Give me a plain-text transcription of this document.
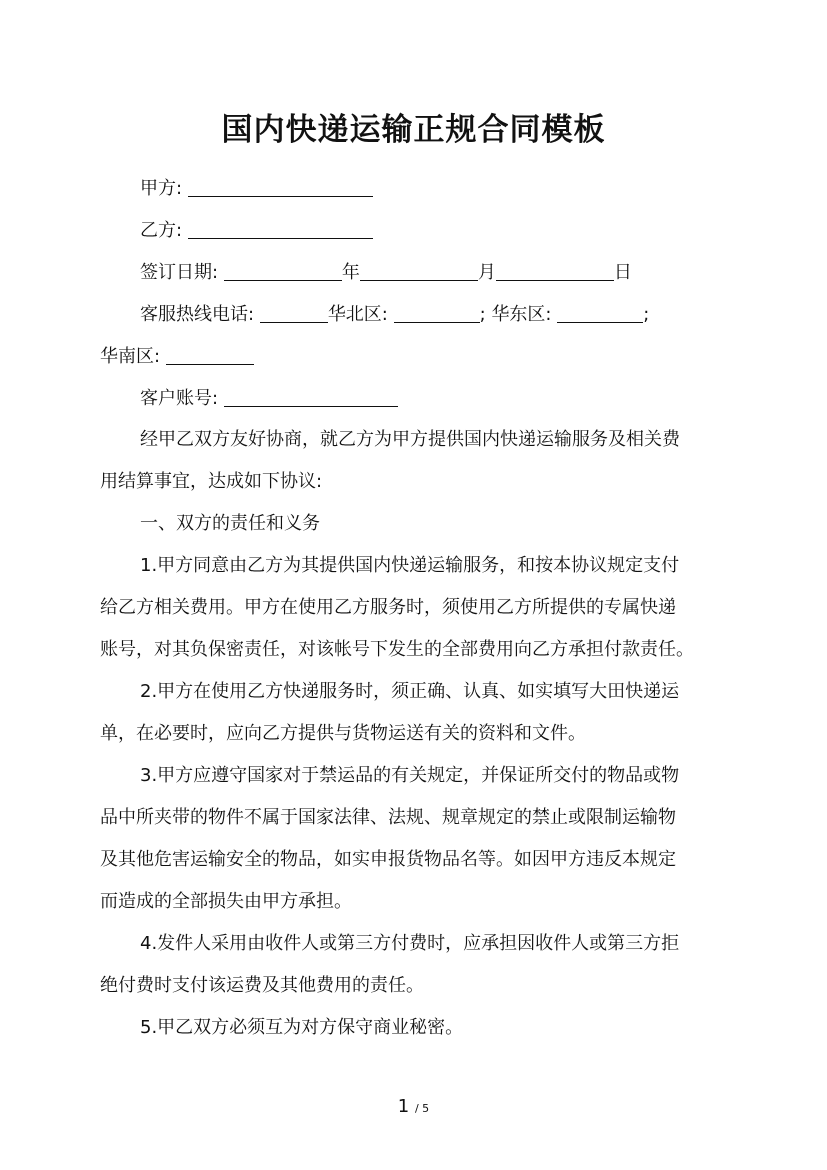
国内快递运输正规合同模板
甲方:
乙方:
签订日期:	年	月	日
客服热线电话:	华北区:	; 华东区:	;
华南区:
客户账号:
经甲乙双方友好协商，就乙方为甲方提供国内快递运输服务及相关费
用结算事宜，达成如下协议:
一、双方的责任和义务
1.甲方同意由乙方为其提供国内快递运输服务，和按本协议规定支付
给乙方相关费用。甲方在使用乙方服务时，须使用乙方所提供的专属快递
账号，对其负保密责任，对该帐号下发生的全部费用向乙方承担付款责任。
2.甲方在使用乙方快递服务时，须正确、认真、如实填写大田快递运
单，在必要时，应向乙方提供与货物运送有关的资料和文件。
3.甲方应遵守国家对于禁运品的有关规定，并保证所交付的物品或物
品中所夹带的物件不属于国家法律、法规、规章规定的禁止或限制运输物
及其他危害运输安全的物品，如实申报货物品名等。如因甲方违反本规定
而造成的全部损失由甲方承担。
4.发件人采用由收件人或第三方付费时，应承担因收件人或第三方拒
绝付费时支付该运费及其他费用的责任。
5.甲乙双方必须互为对方保守商业秘密。
1 / 5
